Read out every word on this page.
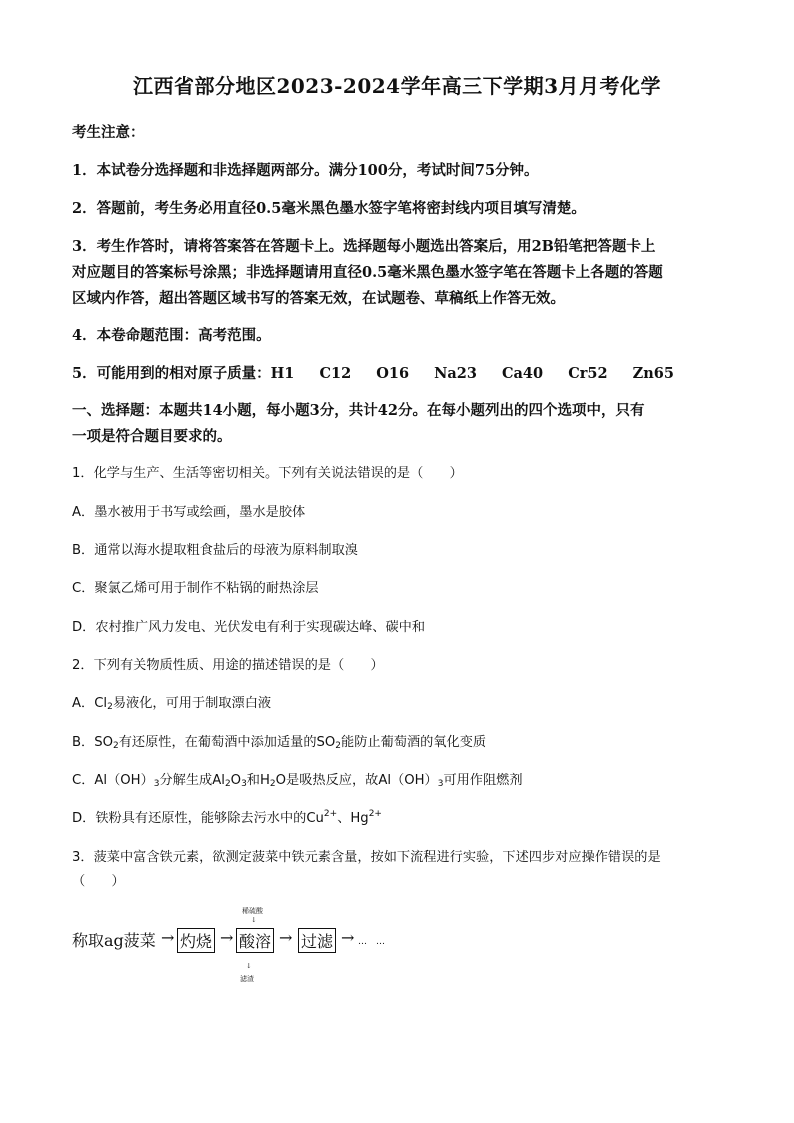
江西省部分地区2023-2024学年高三下学期3月月考化学
考生注意：
1．本试卷分选择题和非选择题两部分。满分100分，考试时间75分钟。
2．答题前，考生务必用直径0.5毫米黑色墨水签字笔将密封线内项目填写清楚。
3．考生作答时，请将答案答在答题卡上。选择题每小题选出答案后，用2B铅笔把答题卡上
对应题目的答案标号涂黑；非选择题请用直径0.5毫米黑色墨水签字笔在答题卡上各题的答题
区域内作答，超出答题区域书写的答案无效，在试题卷、草稿纸上作答无效。
4．本卷命题范围：高考范围。
5．可能用到的相对原子质量：H1 C12 O16 Na23 Ca40 Cr52 Zn65
一、选择题：本题共14小题，每小题3分，共计42分。在每小题列出的四个选项中，只有
一项是符合题目要求的。
1．化学与生产、生活等密切相关。下列有关说法错误的是（　　）
A．墨水被用于书写或绘画，墨水是胶体
B．通常以海水提取粗食盐后的母液为原料制取溴
C．聚氯乙烯可用于制作不粘锅的耐热涂层
D．农村推广风力发电、光伏发电有利于实现碳达峰、碳中和
2．下列有关物质性质、用途的描述错误的是（　　）
A．$Cl_2$易液化，可用于制取漂白液
B．$SO_2$有还原性，在葡萄酒中添加适量的$SO_2$能防止葡萄酒的氧化变质
C．$Al(OH)_3$分解生成$Al_2O_3$和$H_2O$是吸热反应，故$Al(OH)_3$可用作阻燃剂
D．铁粉具有还原性，能够除去污水中的$Cu^{2+}$、$Hg^{2+}$
3．菠菜中富含铁元素，欲测定菠菜中铁元素含量，按如下流程进行实验，下述四步对应操作错误的是
（　　）
稀硫酸
↓
称取ag菠菜 → 灼烧 → 酸溶 → 过滤 → …　…
↓
滤渣
